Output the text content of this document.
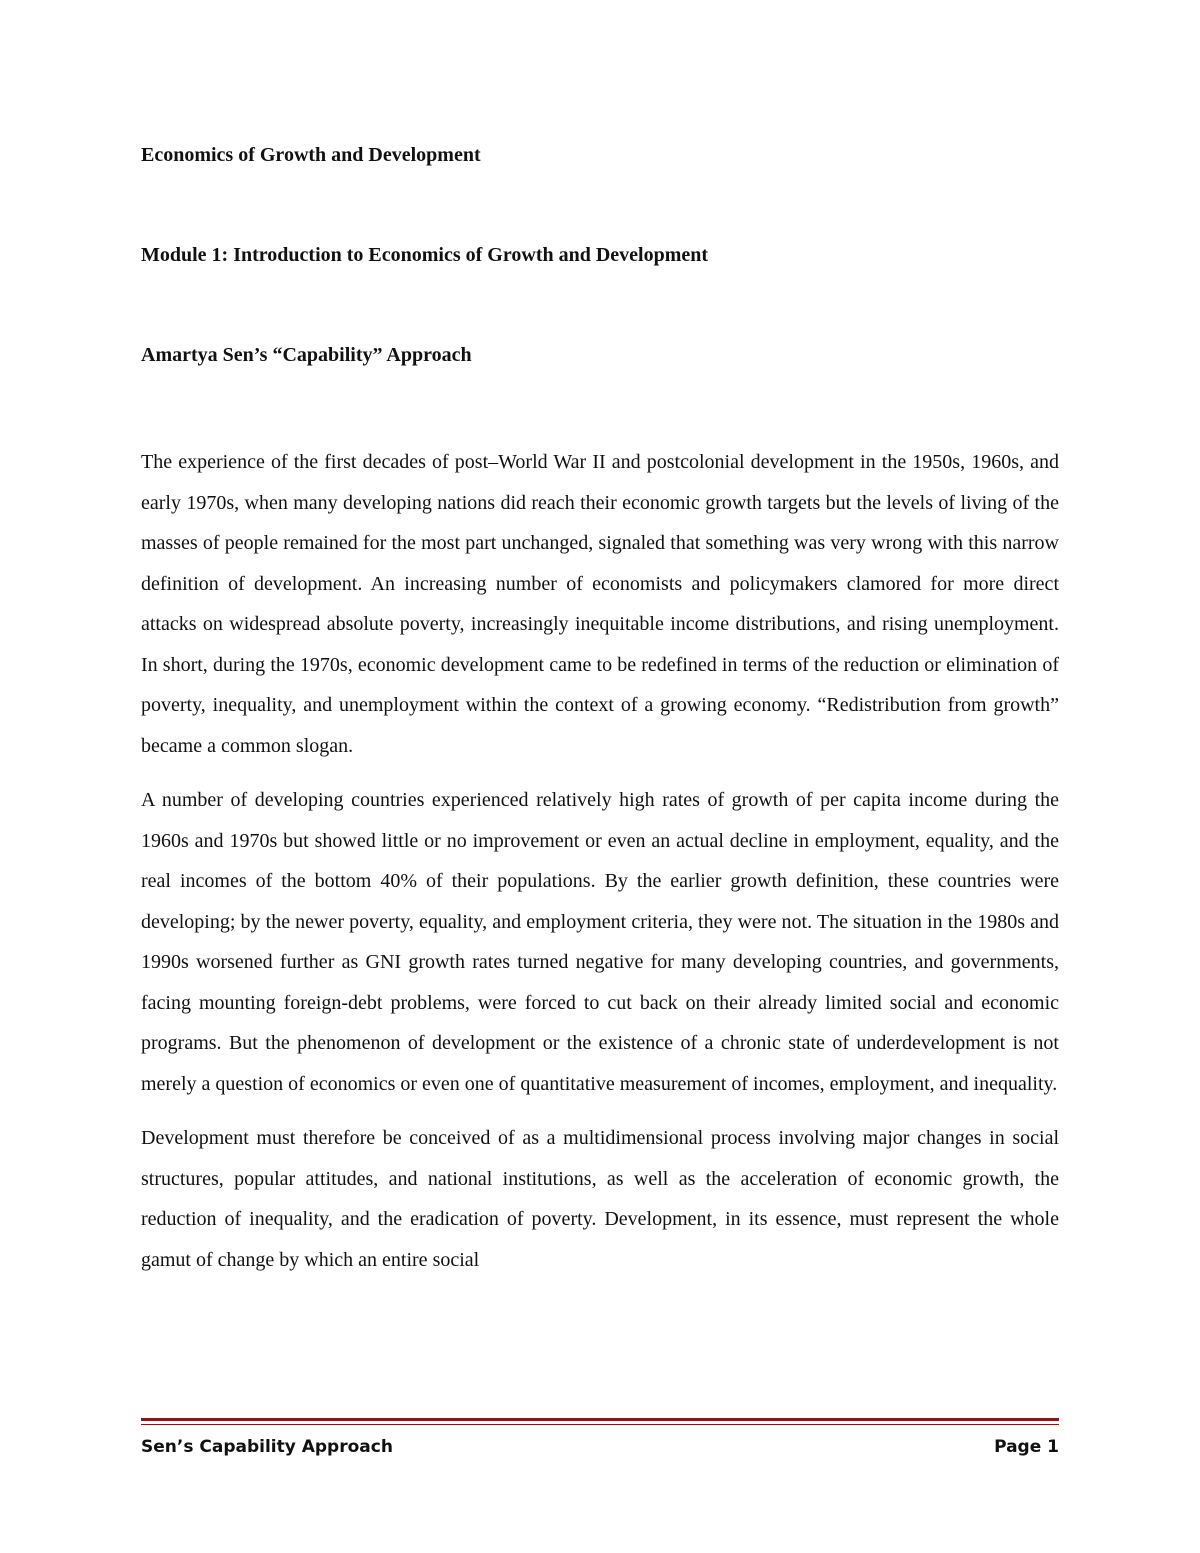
Economics of Growth and Development

Module 1: Introduction to Economics of Growth and Development

Amartya Sen’s “Capability” Approach

The experience of the first decades of post–World War II and postcolonial development in the 1950s, 1960s, and early 1970s, when many developing nations did reach their economic growth targets but the levels of living of the masses of people remained for the most part unchanged, signaled that something was very wrong with this narrow definition of development. An increasing number of economists and policymakers clamored for more direct attacks on widespread absolute poverty, increasingly inequitable income distributions, and rising unemployment. In short, during the 1970s, economic development came to be redefined in terms of the reduction or elimination of poverty, inequality, and unemployment within the context of a growing economy. “Redistribution from growth” became a common slogan.

A number of developing countries experienced relatively high rates of growth of per capita income during the 1960s and 1970s but showed little or no improvement or even an actual decline in employment, equality, and the real incomes of the bottom 40% of their populations. By the earlier growth definition, these countries were developing; by the newer poverty, equality, and employment criteria, they were not. The situation in the 1980s and 1990s worsened further as GNI growth rates turned negative for many developing countries, and governments, facing mounting foreign-debt problems, were forced to cut back on their already limited social and economic programs. But the phenomenon of development or the existence of a chronic state of underdevelopment is not merely a question of economics or even one of quantitative measurement of incomes, employment, and inequality.

Development must therefore be conceived of as a multidimensional process involving major changes in social structures, popular attitudes, and national institutions, as well as the acceleration of economic growth, the reduction of inequality, and the eradication of poverty. Development, in its essence, must represent the whole gamut of change by which an entire social

Sen’s Capability Approach	Page 1
